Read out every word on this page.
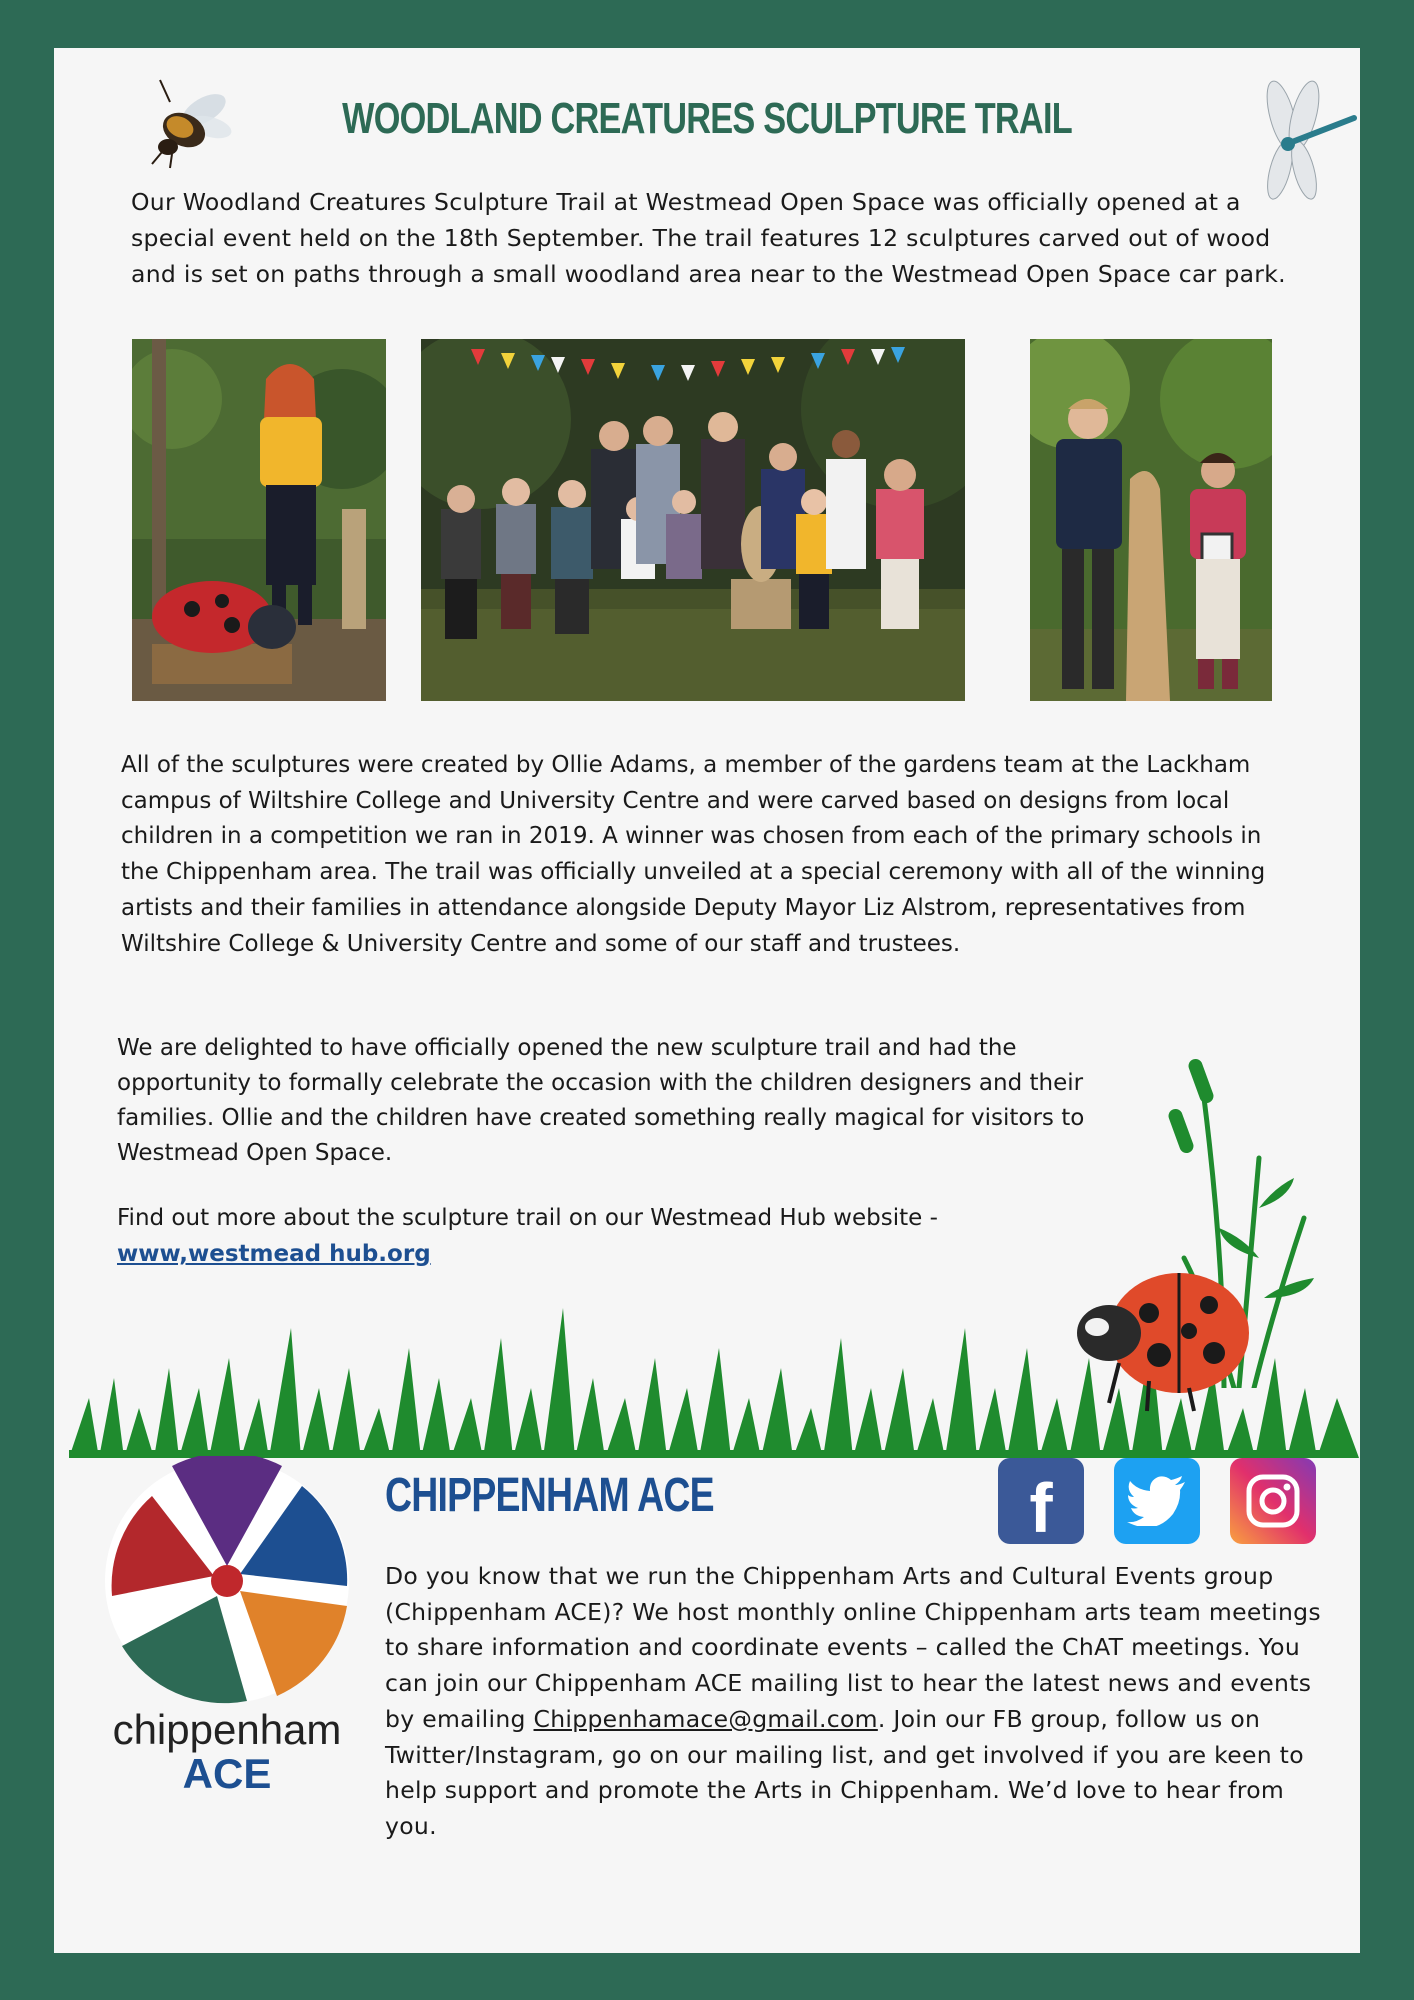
WOODLAND CREATURES SCULPTURE TRAIL

Our Woodland Creatures Sculpture Trail at Westmead Open Space was officially opened at a special event held on the 18th September. The trail features 12 sculptures carved out of wood and is set on paths through a small woodland area near to the Westmead Open Space car park.

All of the sculptures were created by Ollie Adams, a member of the gardens team at the Lackham campus of Wiltshire College and University Centre and were carved based on designs from local children in a competition we ran in 2019. A winner was chosen from each of the primary schools in the Chippenham area. The trail was officially unveiled at a special ceremony with all of the winning artists and their families in attendance alongside Deputy Mayor Liz Alstrom, representatives from Wiltshire College & University Centre and some of our staff and trustees.

We are delighted to have officially opened the new sculpture trail and had the opportunity to formally celebrate the occasion with the children designers and their families. Ollie and the children have created something really magical for visitors to Westmead Open Space.

Find out more about the sculpture trail on our Westmead Hub website -
www,westmead hub.org

chippenham
ACE
CHIPPENHAM ACE	f

Do you know that we run the Chippenham Arts and Cultural Events group (Chippenham ACE)? We host monthly online Chippenham arts team meetings to share information and coordinate events – called the ChAT meetings. You can join our Chippenham ACE mailing list to hear the latest news and events by emailing Chippenhamace@gmail.com. Join our FB group, follow us on Twitter/Instagram, go on our mailing list, and get involved if you are keen to help support and promote the Arts in Chippenham. We’d love to hear from you.
